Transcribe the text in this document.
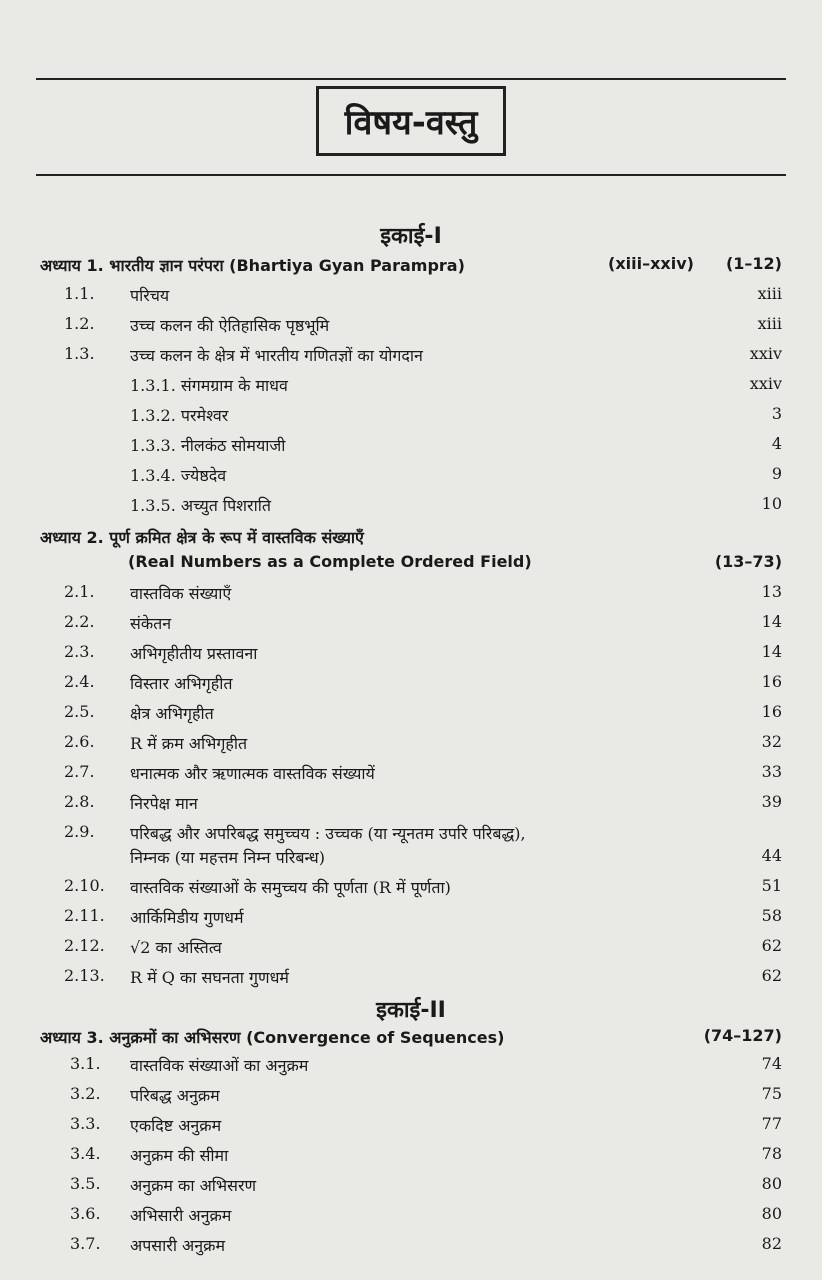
विषय-वस्तु
इकाई-I
अध्याय 1. भारतीय ज्ञान परंपरा (Bhartiya Gyan Parampra)	(xiii–xxiv) (1–12)
1.1. परिचय	xiii
1.2. उच्च कलन की ऐतिहासिक पृष्ठभूमि	xiii
1.3. उच्च कलन के क्षेत्र में भारतीय गणितज्ञों का योगदान	xxiv
1.3.1. संगमग्राम के माधव	xxiv
1.3.2. परमेश्वर	3
1.3.3. नीलकंठ सोमयाजी	4
1.3.4. ज्येष्ठदेव	9
1.3.5. अच्युत पिशराति	10
अध्याय 2. पूर्ण क्रमित क्षेत्र के रूप में वास्तविक संख्याएँ
(Real Numbers as a Complete Ordered Field)	(13–73)
2.1. वास्तविक संख्याएँ	13
2.2. संकेतन	14
2.3. अभिगृहीतीय प्रस्तावना	14
2.4. विस्तार अभिगृहीत	16
2.5. क्षेत्र अभिगृहीत	16
2.6. R में क्रम अभिगृहीत	32
2.7. धनात्मक और ऋणात्मक वास्तविक संख्यायें	33
2.8. निरपेक्ष मान	39
2.9. परिबद्ध और अपरिबद्ध समुच्चय : उच्चक (या न्यूनतम उपरि परिबद्ध),
निम्नक (या महत्तम निम्न परिबन्ध)	44
2.10. वास्तविक संख्याओं के समुच्चय की पूर्णता (R में पूर्णता)	51
2.11. आर्किमिडीय गुणधर्म	58
2.12. √2 का अस्तित्व	62
2.13. R में Q का सघनता गुणधर्म	62
इकाई-II
अध्याय 3. अनुक्रमों का अभिसरण (Convergence of Sequences)	(74–127)
3.1. वास्तविक संख्याओं का अनुक्रम	74
3.2. परिबद्ध अनुक्रम	75
3.3. एकदिष्ट अनुक्रम	77
3.4. अनुक्रम की सीमा	78
3.5. अनुक्रम का अभिसरण	80
3.6. अभिसारी अनुक्रम	80
3.7. अपसारी अनुक्रम	82
